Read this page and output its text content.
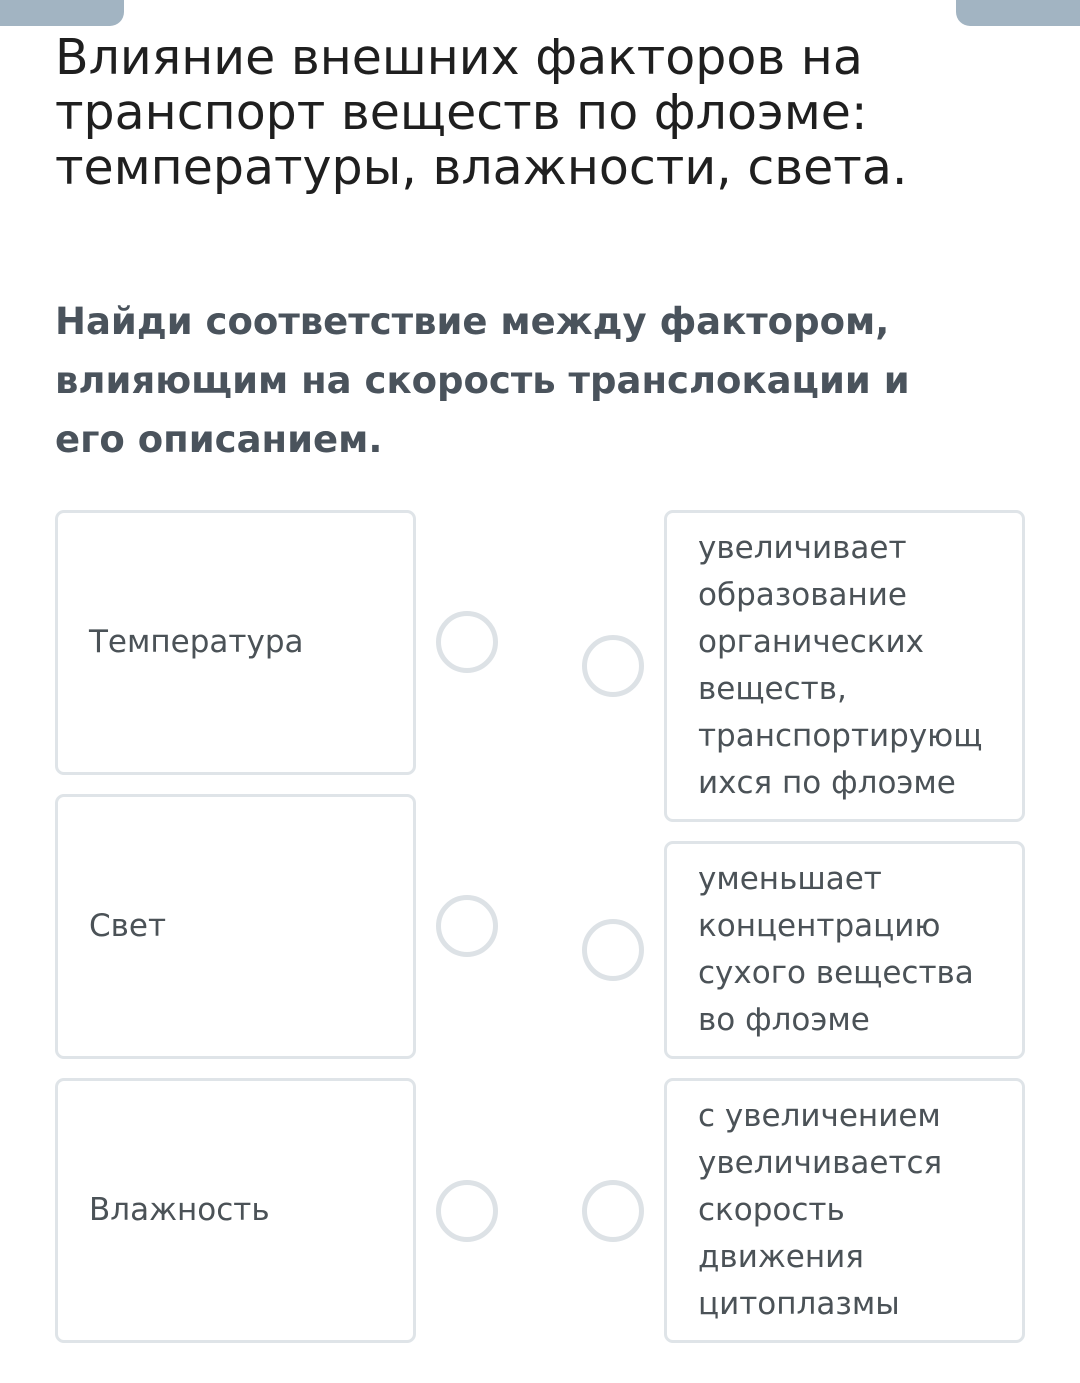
Влияние внешних факторов на
транспорт веществ по флоэме:
температуры, влажности, света.
Найди соответствие между фактором,
влияющим на скорость транслокации и
его описанием.
Температура
Свет
Влажность
увеличивает
образование
органических
веществ,
транспортирующ
ихся по флоэме
уменьшает
концентрацию
сухого вещества
во флоэме
с увеличением
увеличивается
скорость
движения
цитоплазмы
